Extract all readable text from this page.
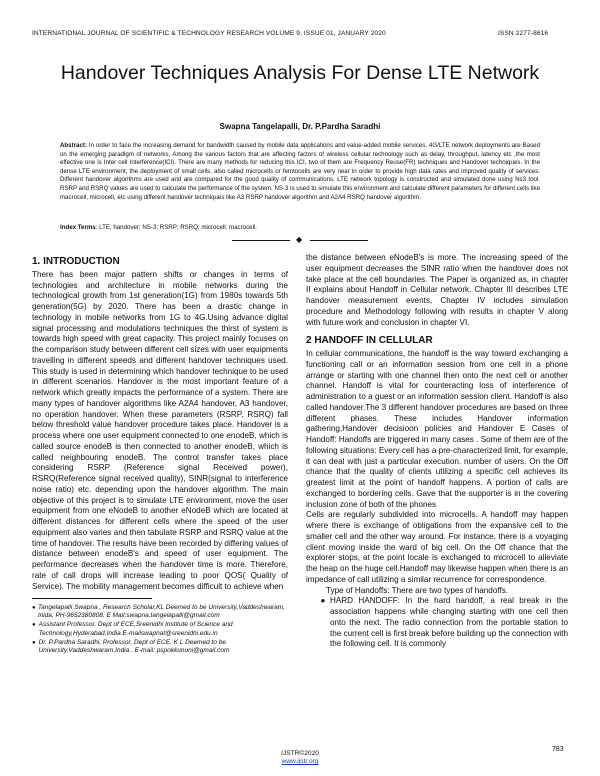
INTERNATIONAL JOURNAL OF SCIENTIFIC & TECHNOLOGY RESEARCH VOLUME 9, ISSUE 01, JANUARY 2020	ISSN 2277-8616
Handover Techniques Analysis For Dense LTE Network
Swapna Tangelapalli, Dr. P.Pardha Saradhi
Abstract: In order to face the increasing demand for bandwidth caused by mobile data applications and value-added mobile services, 4G/LTE network deployments are Based on the emerging paradigm of networks, Among the various factors that are affecting factors of wireless cellular technology such as delay, throughput, latency etc ,the most effective one is Inter cell Interference(ICI). There are many methods for reducing this ICI, two of them are Frequency Reuse(FR) techniques and Handover techniques. In the dense LTE environment, the deployment of small cells, also called microcells or femtocells are very near in order to provide high data rates and improved quality of services. Different handover algorithms are used and are compared for the good quality of communications. LTE network topology is constructed and simulated done using Ns3 tool. RSRP and RSRQ values are used to calculate the performance of the system. NS-3 is used to simulate this environment and calculate different parameters for different cells like macrocell, microcell, etc using different handover techniques like A3 RSRP handover algorithm and A2A4 RSRQ handover algorithm.
Index Terms: LTE; handover; NS-3; RSRP; RSRQ; microcell; macrocell.
◆
1. INTRODUCTION

There has been major pattern shifts or changes in terms of technologies and architecture in mobile networks during the technological growth from 1st generation(1G) from 1980s towards 5th generation(5G) by 2020. There has been a drastic change in technology in mobile networks from 1G to 4G.Using advance digital signal processing and modulations techniques the thirst of system is towards high speed with great capacity. This project mainly focuses on the comparison study between different cell sizes with user equipments travelling in different speeds and different handover techniques used. This study is used in determining which handover technique to be used in different scenarios. Handover is the most important feature of a network which greatly impacts the performance of a system. There are many types of handover algorithms like A2A4 handover, A3 handover, no operation handover. When these parameters (RSRP, RSRQ) fall below threshold value handover procedure takes place. Handover is a process where one user equipment connected to one enodeB, which is called source enodeB is then connected to another enodeB, which is called neighbouring enodeB. The control transfer takes place considering RSRP (Reference signal Received power), RSRQ(Reference signal received quality), SINR(signal to interference noise ratio) etc. depending upon the handover algorithm. The main objective of this project is to simulate LTE environment, move the user equipment from one eNodeB to another eNodeB which are located at different distances for different cells where the speed of the user equipment also varies and then tabulate RSRP and RSRQ value at the time of handover. The results have been recorded by differing values of distance between enodeB's and speed of user equipment. The performance decreases when the handover time is more. Therefore, rate of call drops will increase leading to poor QOS( Quality of Service). The mobility management becomes difficult to achieve when

● Tangelapalli Swapna , Research Scholar,KL Deemed to be University,Vaddeshwaram, Inida, PH-9652380808. E Mail:swapna.tangelapalli@gmail.com
● Assistant Professor, Dept of ECE,Sreenidhi Institute of Science and Technology,Hyderabad,India.E-mailswapnat@sreenidhi.edu.in
● Dr. P.Pardha Saradhi, Professor, Dept of ECE, K L Deemed to be University,Vaddeshwaram,India . E-mail: pspokkununi@gmail.com

the distance between eNodeB's is more. The increasing speed of the user equipment decreases the SINR ratio when the handover does not take place at the cell boundaries. The Paper is organized as, in chapter II explains about Handoff in Cellular network. Chapter III describes LTE handover measurement events, Chapter IV includes simulation procedure and Methodology following with results in chapter V along with future work and conclusion in chapter VI.

2 HANDOFF IN CELLULAR

In cellular communications, the handoff is the way toward exchanging a functioning call or an information session from one cell in a phone arrange or starting with one channel then onto the next cell or another channel. Handoff is vital for counteracting loss of interference of administration to a guest or an information session client. Handoff is also called handover.The 3 different handover procedures are based on three different phases. These includes Handover information gathering,Handover decisioon policies and Handover E Cases of Handoff: Handoffs are triggered in many cases . Some of them are of the following situations: Every cell has a pre-characterized limit, for example, it can deal with just a particular execution. number of users. On the Off chance that the quality of clients utilizing a specific cell achieves its greatest limit at the point of handoff happens. A portion of calls are exchanged to bordering cells. Gave that the supporter is in the covering inclusion zone of both of the phones

Cells are regularly subdivided into microcells. A handoff may happen where there is exchange of obligations from the expansive cell to the smaller cell and the other way around. For instance, there is a voyaging client moving inside the ward of big cell. On the Off chance that the explorer stops, at the point locale is exchanged to microcell to alleviate the heap on the huge cell.Handoff may likewise happen when there is an impedance of call utilizing a similar recurrence for correspondence.

Type of Handoffs: There are two types of handoffs.

● HARD HANDOFF: In the hard handoff, a real break in the association happens while changing starting with one cell then onto the next. The radio connection from the portable station to the current cell is first break before building up the connection with the following cell. It is commonly

783
IJSTR©2020
www.ijstr.org
